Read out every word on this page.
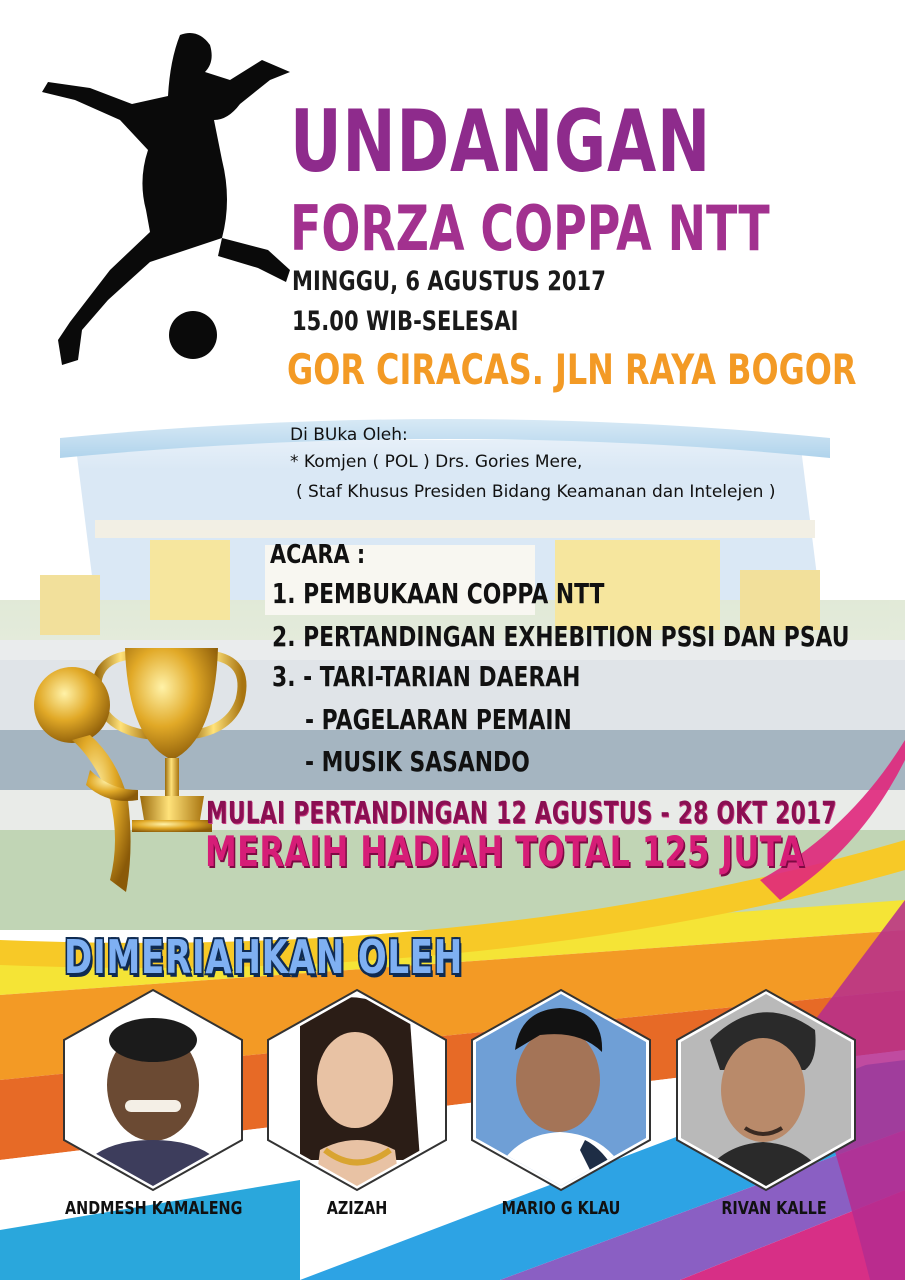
UNDANGAN
FORZA COPPA NTT
MINGGU, 6 AGUSTUS 2017
15.00 WIB-SELESAI
GOR CIRACAS. JLN RAYA BOGOR
Di BUka Oleh:
* Komjen ( POL ) Drs. Gories Mere,
( Staf Khusus Presiden Bidang Keamanan dan Intelejen )
ACARA :
1. PEMBUKAAN COPPA NTT
2. PERTANDINGAN EXHEBITION PSSI DAN PSAU
3. - TARI-TARIAN DAERAH
- PAGELARAN PEMAIN
- MUSIK SASANDO
MULAI PERTANDINGAN 12 AGUSTUS - 28 OKT 2017
MERAIH HADIAH TOTAL 125 JUTA
DIMERIAHKAN OLEH
ANDMESH KAMALENG	AZIZAH	MARIO G KLAU	RIVAN KALLE
